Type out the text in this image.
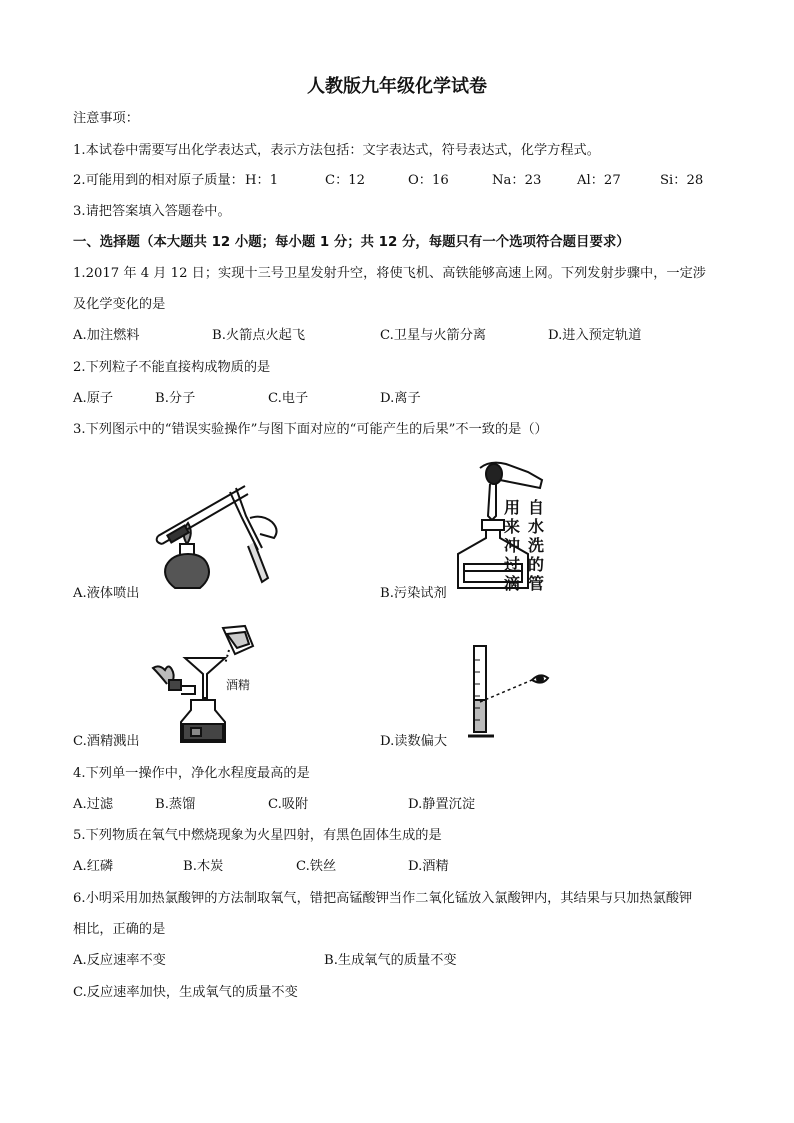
人教版九年级化学试卷
注意事项：
1.本试卷中需要写出化学表达式，表示方法包括：文字表达式，符号表达式，化学方程式。
2.可能用到的相对原子质量： H：1	C：12	O：16	Na：23	Al：27	Si：28
3.请把答案填入答题卷中。
一、选择题（本大题共 12 小题；每小题 1 分；共 12 分，每题只有一个选项符合题目要求）
1.2017 年 4 月 12 日；实现十三号卫星发射升空，将使飞机、高铁能够高速上网。下列发射步骤中，一定涉
及化学变化的是
A.加注燃料	B.火箭点火起飞	C.卫星与火箭分离	D.进入预定轨道
2.下列粒子不能直接构成物质的是
A.原子	B.分子	C.电子	D.离子
3.下列图示中的“错误实验操作”与图下面对应的“可能产生的后果”不一致的是（）
A.液体喷出
用 自
来 水
冲 洗
过 的
滴 管
B.污染试剂
酒精
C.酒精溅出	D.读数偏大
4.下列单一操作中，净化水程度最高的是
A.过滤	B.蒸馏	C.吸附	D.静置沉淀
5.下列物质在氧气中燃烧现象为火星四射，有黑色固体生成的是
A.红磷	B.木炭	C.铁丝	D.酒精
6.小明采用加热氯酸钾的方法制取氧气，错把高锰酸钾当作二氧化锰放入氯酸钾内，其结果与只加热氯酸钾
相比，正确的是
A.反应速率不变	B.生成氧气的质量不变
C.反应速率加快，生成氧气的质量不变
